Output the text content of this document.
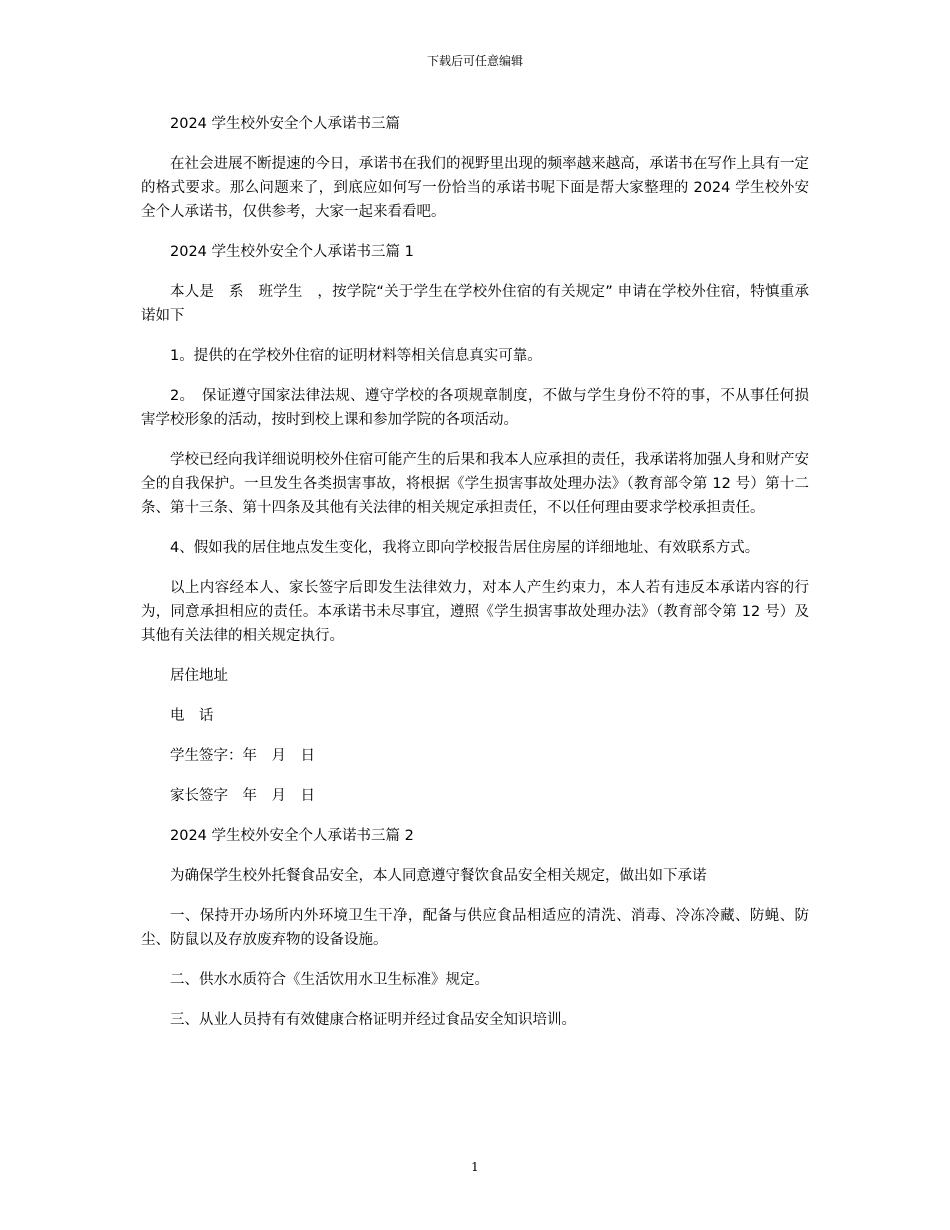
下载后可任意编辑

2024 学生校外安全个人承诺书三篇

在社会进展不断提速的今日，承诺书在我们的视野里出现的频率越来越高，承诺书在写作上具有一定的格式要求。那么问题来了，到底应如何写一份恰当的承诺书呢下面是帮大家整理的 2024 学生校外安全个人承诺书，仅供参考，大家一起来看看吧。

2024 学生校外安全个人承诺书三篇 1

本人是　系　班学生　，按学院“关于学生在学校外住宿的有关规定” 申请在学校外住宿，特慎重承诺如下

1。提供的在学校外住宿的证明材料等相关信息真实可靠。

2。　保证遵守国家法律法规、遵守学校的各项规章制度，不做与学生身份不符的事，不从事任何损害学校形象的活动，按时到校上课和参加学院的各项活动。

学校已经向我详细说明校外住宿可能产生的后果和我本人应承担的责任，我承诺将加强人身和财产安全的自我保护。一旦发生各类损害事故，将根据《学生损害事故处理办法》（教育部令第 12 号）第十二条、第十三条、第十四条及其他有关法律的相关规定承担责任，不以任何理由要求学校承担责任。

4、假如我的居住地点发生变化，我将立即向学校报告居住房屋的详细地址、有效联系方式。

以上内容经本人、家长签字后即发生法律效力，对本人产生约束力，本人若有违反本承诺内容的行为，同意承担相应的责任。本承诺书未尽事宜，遵照《学生损害事故处理办法》（教育部令第 12 号）及其他有关法律的相关规定执行。

居住地址

电　话

学生签字：年　月　日

家长签字　年　月　日

2024 学生校外安全个人承诺书三篇 2

为确保学生校外托餐食品安全，本人同意遵守餐饮食品安全相关规定，做出如下承诺

一、保持开办场所内外环境卫生干净，配备与供应食品相适应的清洗、消毒、冷冻冷藏、防蝇、防尘、防鼠以及存放废弃物的设备设施。

二、供水水质符合《生活饮用水卫生标准》规定。

三、从业人员持有有效健康合格证明并经过食品安全知识培训。

1
